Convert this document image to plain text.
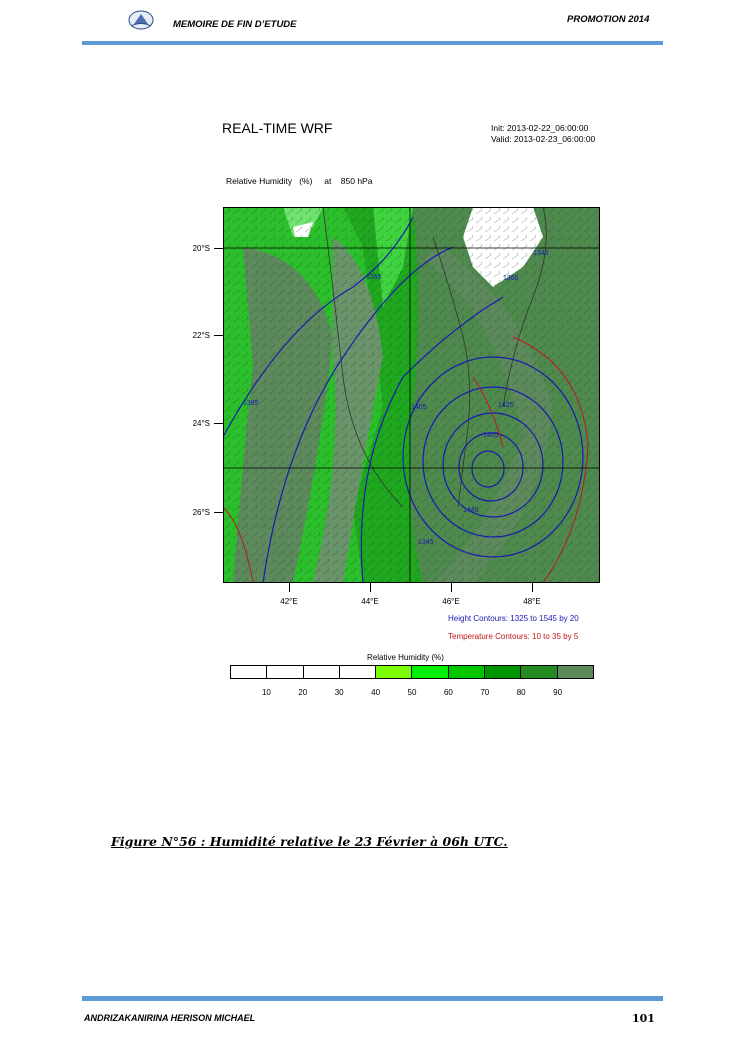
MEMOIRE DE FIN D’ETUDE	PROMOTION 2014
REAL-TIME WRF	Init: 2013-02-22_06:00:00
Valid: 2013-02-23_06:00:00

Relative Humidity   (%)     at    850 hPa

1365
1385
1365
1405	1425
1405
1445
1345
1345
20°S
22°S
24°S
26°S
42°E	44°E	46°E	48°E
Height Contours: 1325 to 1545 by 20
Temperature Contours: 10 to 35 by 5
Relative Humidity (%)
10	20	30	40	50	60	70	80	90
Figure N°56 : Humidité relative le 23 Février à 06h UTC.
ANDRIZAKANIRINA HERISON MICHAEL	101
